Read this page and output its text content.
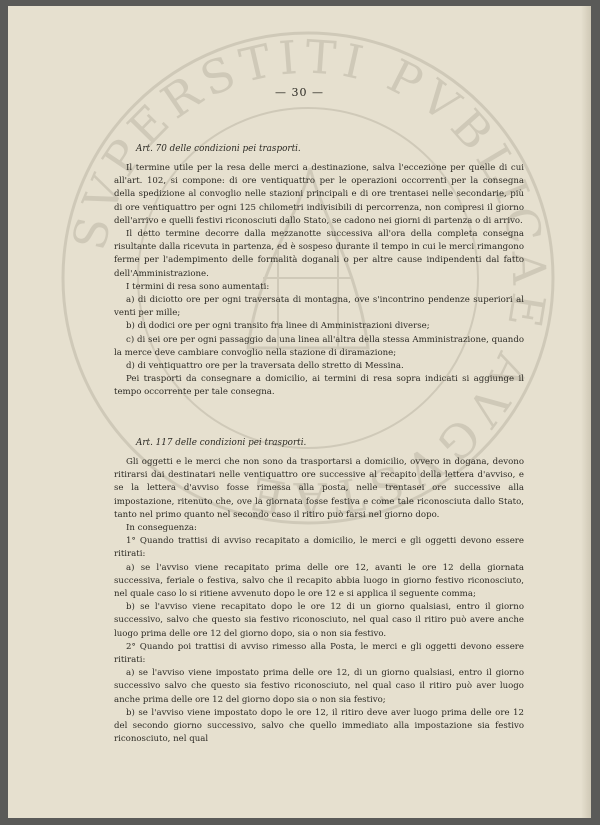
SVPERSTITI PVBLICAE AVGVSTAE
— 30 —
Art. 70 delle condizioni pei trasporti.

Il termine utile per la resa delle merci a destinazione, salva l'eccezione per quelle di cui all'art. 102, si compone: di ore ventiquattro per le operazioni occorrenti per la consegna della spedizione al convoglio nelle stazioni principali e di ore trentasei nelle secondarie, più di ore ventiquattro per ogni 125 chilometri indivisibili di percorrenza, non compresi il giorno dell'arrivo e quelli festivi riconosciuti dallo Stato, se cadono nei giorni di partenza o di arrivo.

Il detto termine decorre dalla mezzanotte successiva all'ora della completa consegna risultante dalla ricevuta in partenza, ed è sospeso durante il tempo in cui le merci rimangono ferme per l'adempimento delle formalità doganali o per altre cause indipendenti dal fatto dell'Amministrazione.

I termini di resa sono aumentati:

a) di diciotto ore per ogni traversata di montagna, ove s'incontrino pendenze superiori al venti per mille;

b) di dodici ore per ogni transito fra linee di Amministrazioni diverse;

c) di sei ore per ogni passaggio da una linea all'altra della stessa Amministrazione, quando la merce deve cambiare convoglio nella stazione di diramazione;

d) di ventiquattro ore per la traversata dello stretto di Messina.

Pei trasporti da consegnare a domicilio, ai termini di resa sopra indicati si aggiunge il tempo occorrente per tale consegna.

Art. 117 delle condizioni pei trasporti.

Gli oggetti e le merci che non sono da trasportarsi a domicilio, ovvero in dogana, devono ritirarsi dai destinatari nelle ventiquattro ore successive al recapito della lettera d'avviso, e se la lettera d'avviso fosse rimessa alla posta, nelle trentasei ore successive alla impostazione, ritenuto che, ove la giornata fosse festiva e come tale riconosciuta dallo Stato, tanto nel primo quanto nel secondo caso il ritiro può farsi nel giorno dopo.

In conseguenza:

1° Quando trattisi di avviso recapitato a domicilio, le merci e gli oggetti devono essere ritirati:

a) se l'avviso viene recapitato prima delle ore 12, avanti le ore 12 della giornata successiva, feriale o festiva, salvo che il recapito abbia luogo in giorno festivo riconosciuto, nel quale caso lo si ritiene avvenuto dopo le ore 12 e si applica il seguente comma;

b) se l'avviso viene recapitato dopo le ore 12 di un giorno qualsiasi, entro il giorno successivo, salvo che questo sia festivo riconosciuto, nel qual caso il ritiro può avere anche luogo prima delle ore 12 del giorno dopo, sia o non sia festivo.

2° Quando poi trattisi di avviso rimesso alla Posta, le merci e gli oggetti devono essere ritirati:

a) se l'avviso viene impostato prima delle ore 12, di un giorno qualsiasi, entro il giorno successivo salvo che questo sia festivo riconosciuto, nel qual caso il ritiro può aver luogo anche prima delle ore 12 del giorno dopo sia o non sia festivo;

b) se l'avviso viene impostato dopo le ore 12, il ritiro deve aver luogo prima delle ore 12 del secondo giorno successivo, salvo che quello immediato alla impostazione sia festivo riconosciuto, nel qual
